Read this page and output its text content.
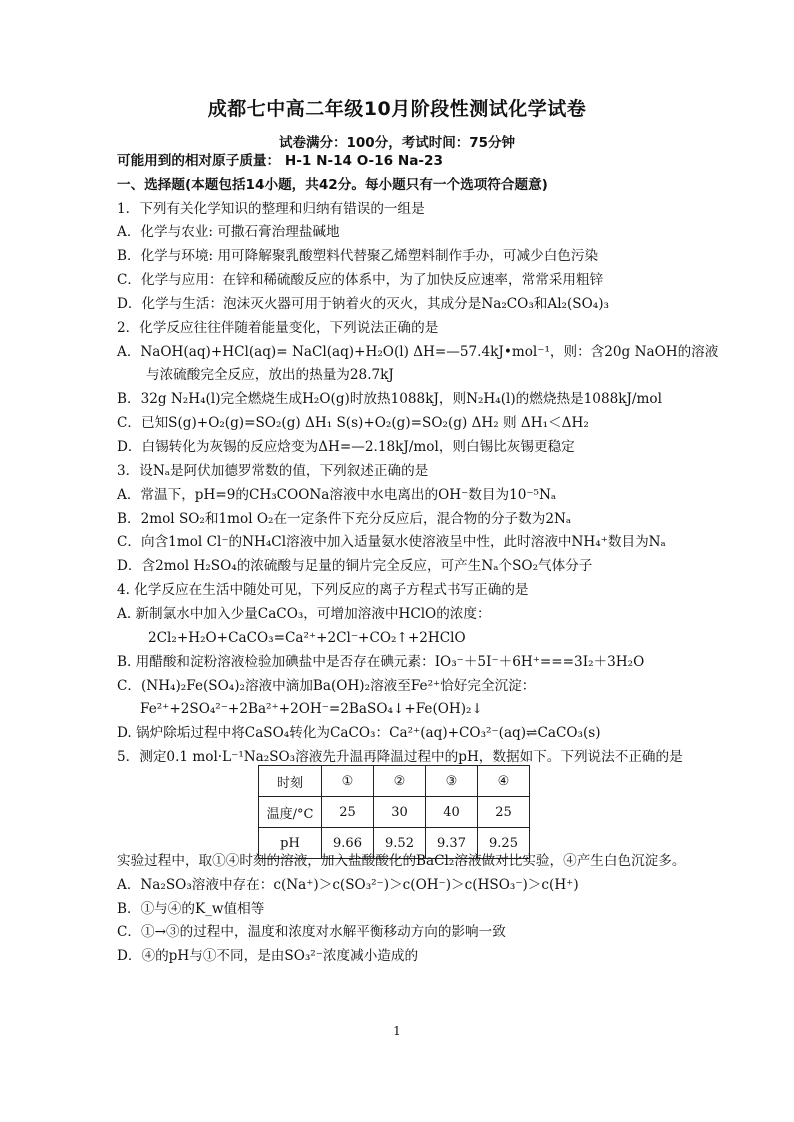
成都七中高二年级10月阶段性测试化学试卷
试卷满分：100分，考试时间：75分钟
可能用到的相对原子质量： H-1 N-14 O-16 Na-23
一、选择题(本题包括14小题，共42分。每小题只有一个选项符合题意)
1．下列有关化学知识的整理和归纳有错误的一组是
A．化学与农业: 可撒石膏治理盐碱地
B．化学与环境: 用可降解聚乳酸塑料代替聚乙烯塑料制作手办，可减少白色污染
C．化学与应用：在锌和稀硫酸反应的体系中，为了加快反应速率，常常采用粗锌
D．化学与生活：泡沫灭火器可用于钠着火的灭火，其成分是Na₂CO₃和Al₂(SO₄)₃
2．化学反应往往伴随着能量变化，下列说法正确的是
A．NaOH(aq)+HCl(aq)= NaCl(aq)+H₂O(l) ΔH=—57.4kJ•mol⁻¹，则：含20g NaOH的溶液
与浓硫酸完全反应，放出的热量为28.7kJ
B．32g N₂H₄(l)完全燃烧生成H₂O(g)时放热1088kJ，则N₂H₄(l)的燃烧热是1088kJ/mol
C．已知S(g)+O₂(g)=SO₂(g) ΔH₁ S(s)+O₂(g)=SO₂(g) ΔH₂ 则 ΔH₁＜ΔH₂
D．白锡转化为灰锡的反应焓变为ΔH=—2.18kJ/mol，则白锡比灰锡更稳定
3．设Nₐ是阿伏加德罗常数的值，下列叙述正确的是
A．常温下，pH=9的CH₃COONa溶液中水电离出的OH⁻数目为10⁻⁵Nₐ
B．2mol SO₂和1mol O₂在一定条件下充分反应后，混合物的分子数为2Nₐ
C．向含1mol Cl⁻的NH₄Cl溶液中加入适量氨水使溶液呈中性，此时溶液中NH₄⁺数目为Nₐ
D．含2mol H₂SO₄的浓硫酸与足量的铜片完全反应，可产生Nₐ个SO₂气体分子
4. 化学反应在生活中随处可见，下列反应的离子方程式书写正确的是
A. 新制氯水中加入少量CaCO₃，可增加溶液中HClO的浓度：
2Cl₂+H₂O+CaCO₃=Ca²⁺+2Cl⁻+CO₂↑+2HClO
B. 用醋酸和淀粉溶液检验加碘盐中是否存在碘元素：IO₃⁻＋5I⁻＋6H⁺===3I₂＋3H₂O
C．(NH₄)₂Fe(SO₄)₂溶液中滴加Ba(OH)₂溶液至Fe²⁺恰好完全沉淀：
Fe²⁺+2SO₄²⁻+2Ba²⁺+2OH⁻=2BaSO₄↓+Fe(OH)₂↓
D. 锅炉除垢过程中将CaSO₄转化为CaCO₃：Ca²⁺(aq)+CO₃²⁻(aq)⇌CaCO₃(s)
5．测定0.1 mol·L⁻¹Na₂SO₃溶液先升温再降温过程中的pH，数据如下。下列说法不正确的是
时刻	①	②	③	④
温度/°C	25	30	40	25
pH	9.66	9.52	9.37	9.25
实验过程中，取①④时刻的溶液，加入盐酸酸化的BaCl₂溶液做对比实验，④产生白色沉淀多。
A．Na₂SO₃溶液中存在：c(Na⁺)＞c(SO₃²⁻)＞c(OH⁻)＞c(HSO₃⁻)＞c(H⁺)
B．①与④的K_w值相等
C．①→③的过程中，温度和浓度对水解平衡移动方向的影响一致
D．④的pH与①不同，是由SO₃²⁻浓度减小造成的
1
